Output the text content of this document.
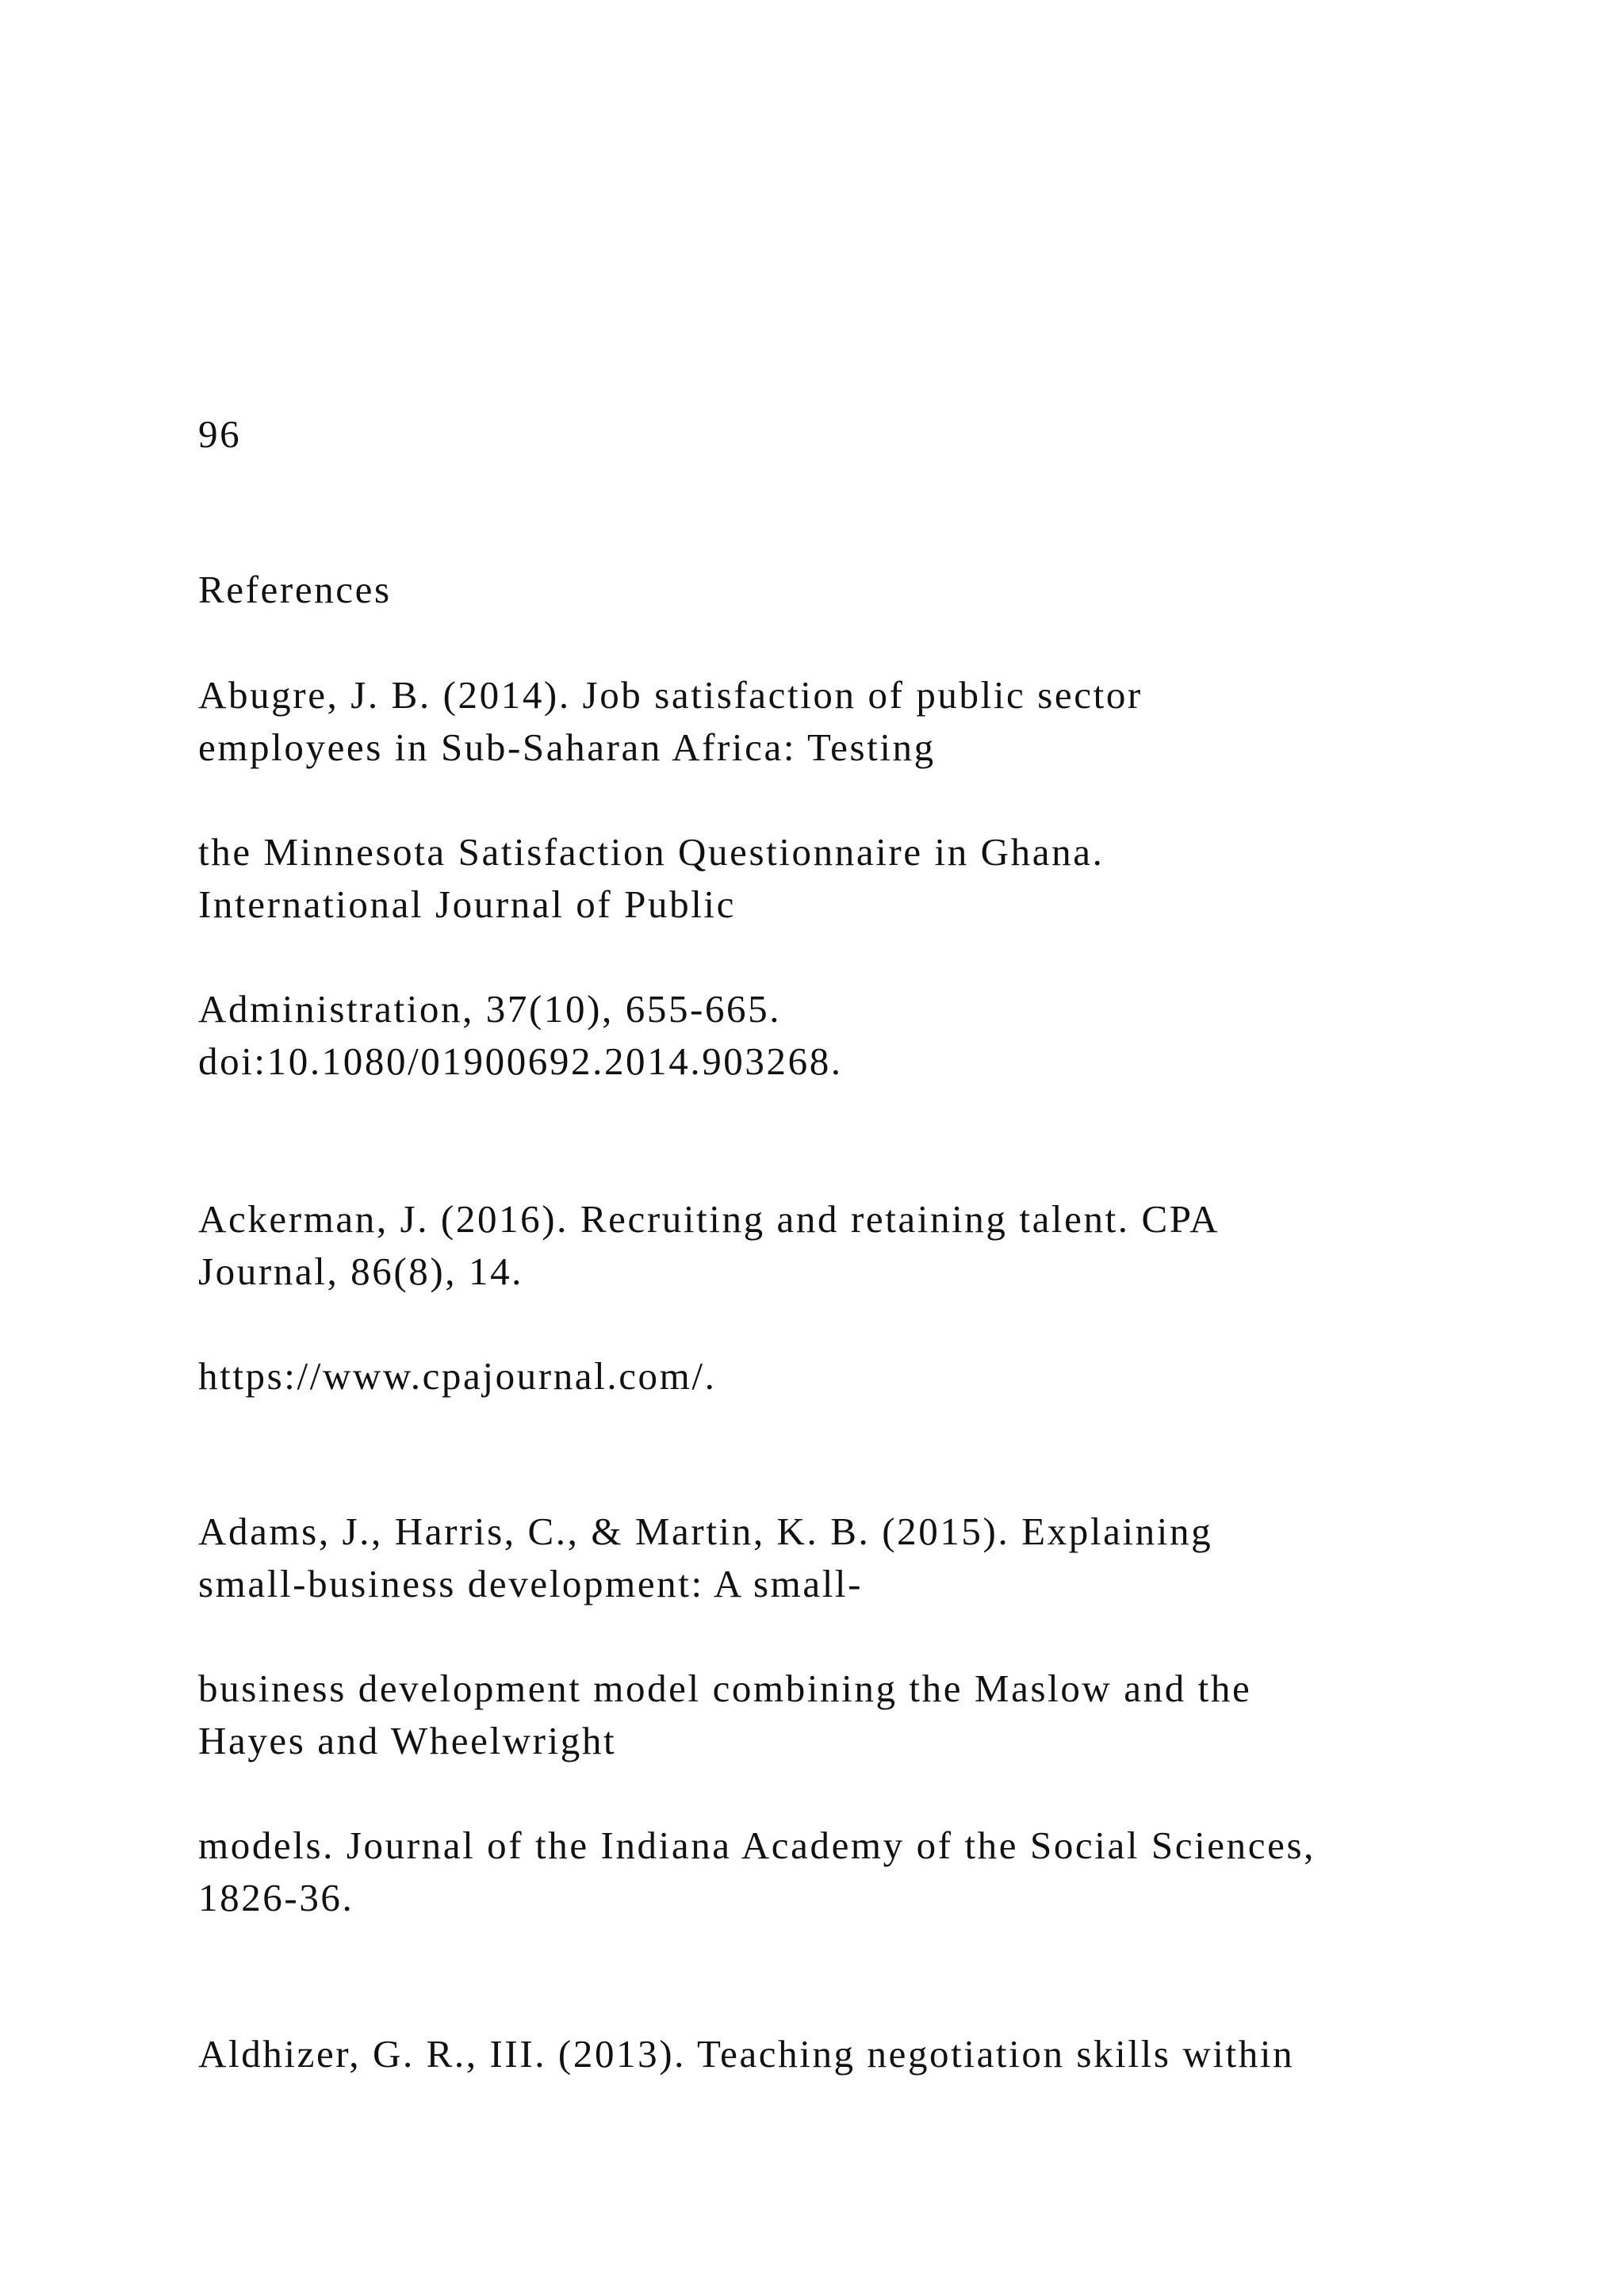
96

References

Abugre, J. B. (2014). Job satisfaction of public sector

employees in Sub-Saharan Africa: Testing

the Minnesota Satisfaction Questionnaire in Ghana.

International Journal of Public

Administration, 37(10), 655-665.

doi:10.1080/01900692.2014.903268.

Ackerman, J. (2016). Recruiting and retaining talent. CPA

Journal, 86(8), 14.

https://www.cpajournal.com/.

Adams, J., Harris, C., & Martin, K. B. (2015). Explaining

small-business development: A small-

business development model combining the Maslow and the

Hayes and Wheelwright

models. Journal of the Indiana Academy of the Social Sciences,

1826-36.

Aldhizer, G. R., III. (2013). Teaching negotiation skills within
